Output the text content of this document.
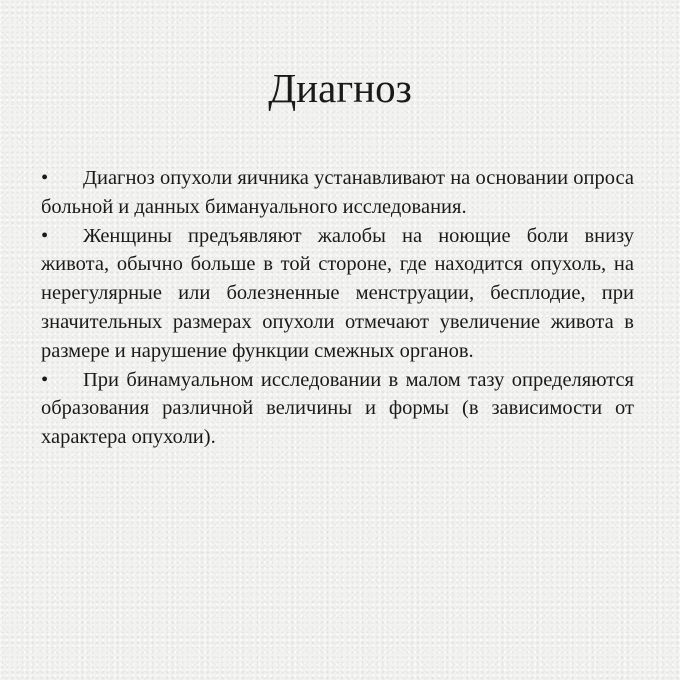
Диагноз

• Диагноз опухоли яичника устанавливают на основании опроса больной и данных бимануального исследования.

• Женщины предъявляют жалобы на ноющие боли внизу живота, обычно больше в той стороне, где находится опухоль, на нерегулярные или болезненные менструации, бесплодие, при значительных размерах опухоли отмечают увеличение живота в размере и нарушение функции смежных органов.

• При бинамуальном исследовании в малом тазу определяются образования различной величины и формы (в зависимости от характера опухоли).
